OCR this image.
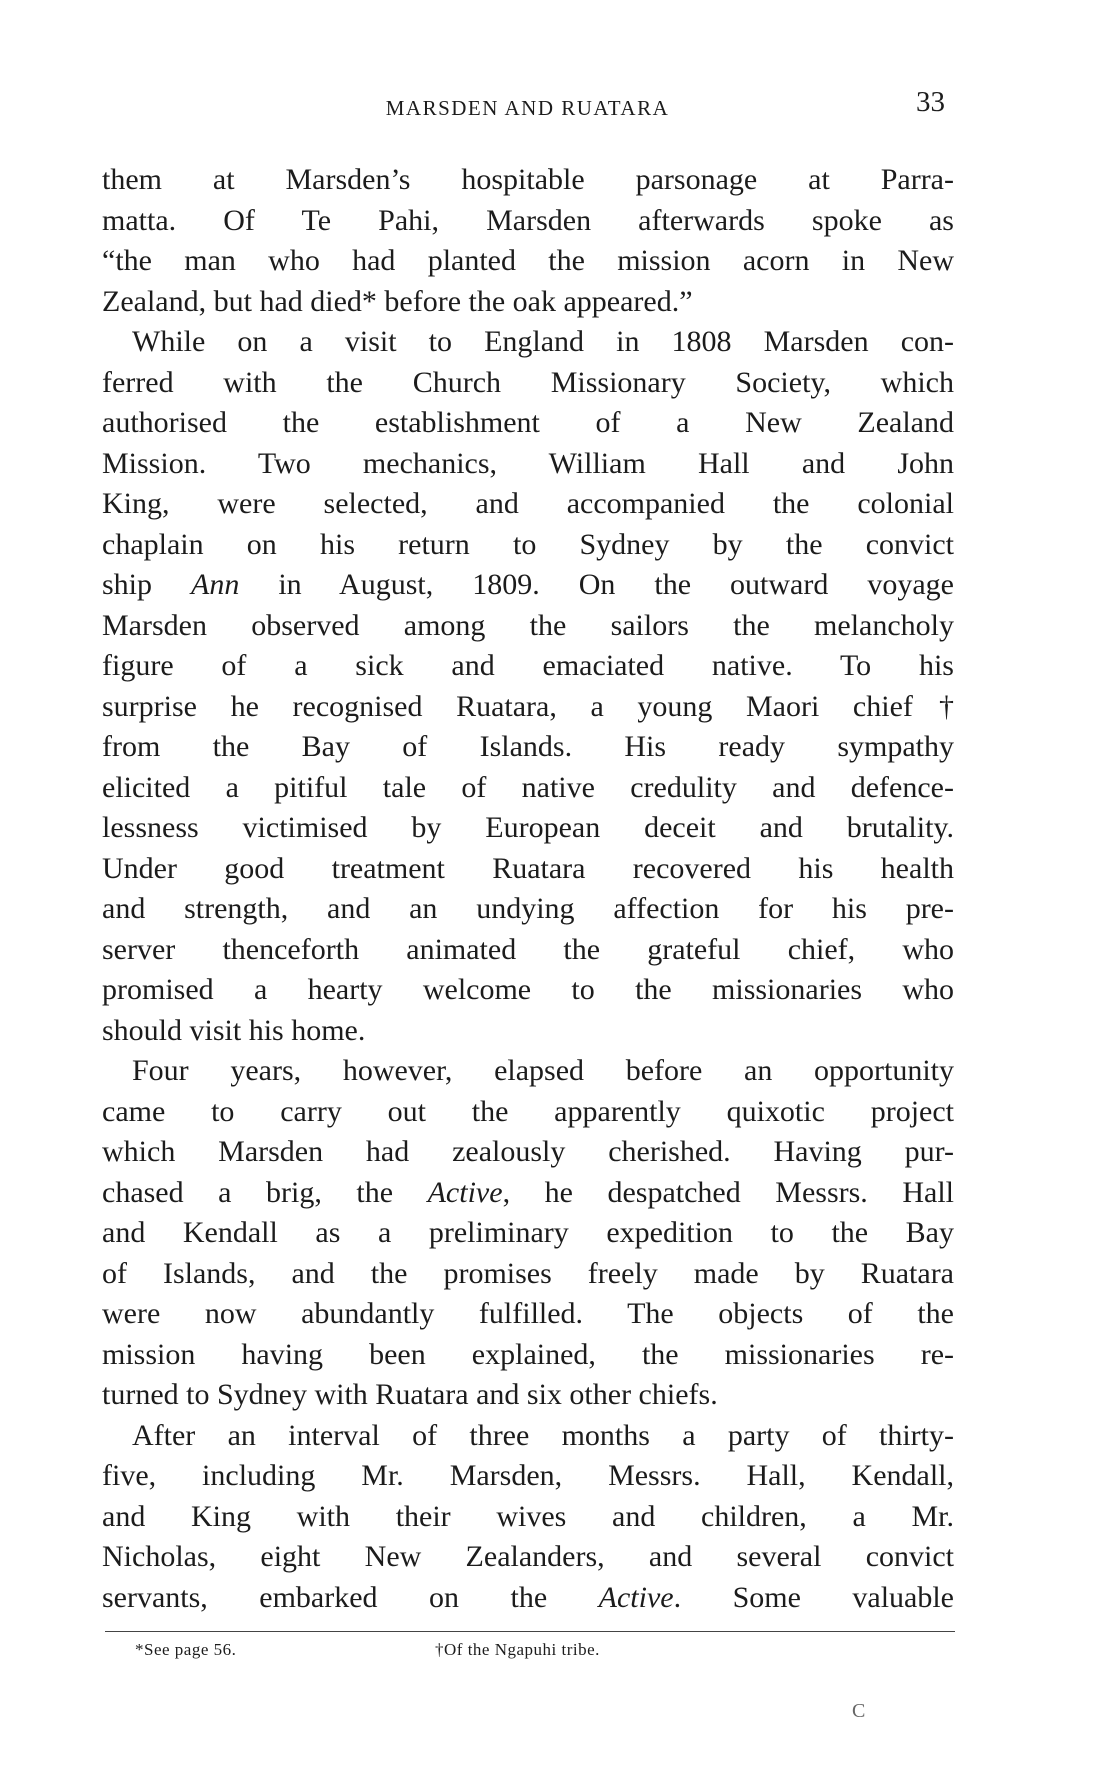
MARSDEN AND RUATARA	33
them at Marsden’s hospitable parsonage at Parra-
matta. Of Te Pahi, Marsden afterwards spoke as
“the man who had planted the mission acorn in New
Zealand, but had died* before the oak appeared.”
While on a visit to England in 1808 Marsden con-
ferred with the Church Missionary Society, which
authorised the establishment of a New Zealand
Mission. Two mechanics, William Hall and John
King, were selected, and accompanied the colonial
chaplain on his return to Sydney by the convict
ship Ann in August, 1809. On the outward voyage
Marsden observed among the sailors the melancholy
figure of a sick and emaciated native. To his
surprise he recognised Ruatara, a young Maori chief†
from the Bay of Islands. His ready sympathy
elicited a pitiful tale of native credulity and defence-
lessness victimised by European deceit and brutality.
Under good treatment Ruatara recovered his health
and strength, and an undying affection for his pre-
server thenceforth animated the grateful chief, who
promised a hearty welcome to the missionaries who
should visit his home.
Four years, however, elapsed before an opportunity
came to carry out the apparently quixotic project
which Marsden had zealously cherished. Having pur-
chased a brig, the Active, he despatched Messrs. Hall
and Kendall as a preliminary expedition to the Bay
of Islands, and the promises freely made by Ruatara
were now abundantly fulfilled. The objects of the
mission having been explained, the missionaries re-
turned to Sydney with Ruatara and six other chiefs.
After an interval of three months a party of thirty-
five, including Mr. Marsden, Messrs. Hall, Kendall,
and King with their wives and children, a Mr.
Nicholas, eight New Zealanders, and several convict
servants, embarked on the Active. Some valuable
*See page 56.	†Of the Ngapuhi tribe.
C
